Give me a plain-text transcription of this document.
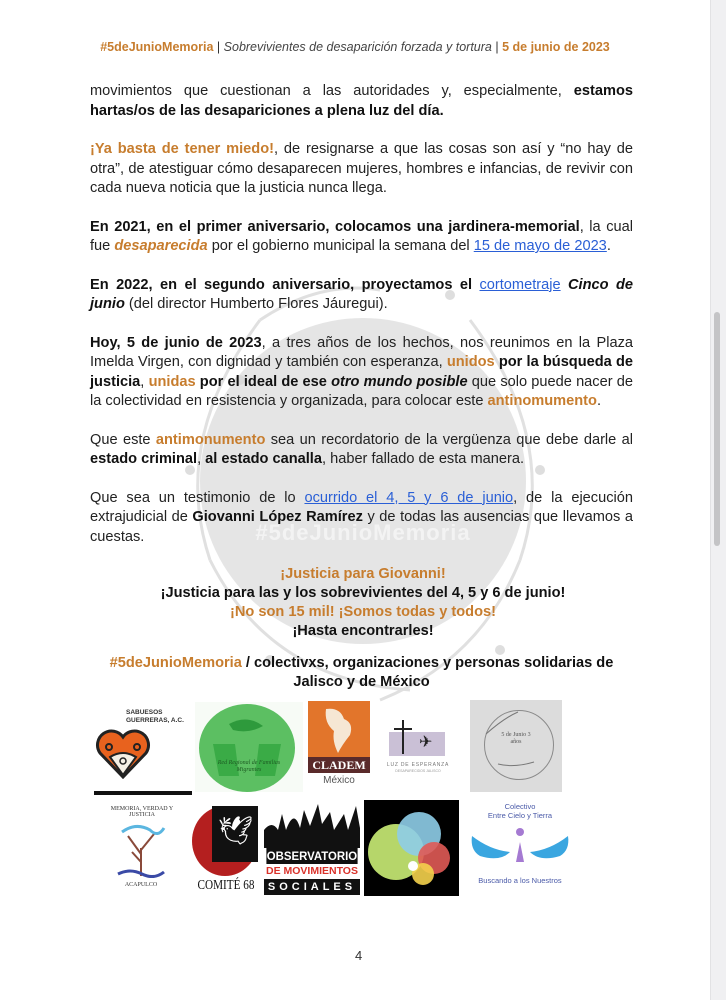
#5deJunioMemoria
#5deJunioMemoria | Sobrevivientes de desaparición forzada y tortura | 5 de junio de 2023

movimientos que cuestionan a las autoridades y, especialmente, estamos hartas/os de las desapariciones a plena luz del día.

¡Ya basta de tener miedo!, de resignarse a que las cosas son así y “no hay de otra”, de atestiguar cómo desaparecen mujeres, hombres e infancias, de revivir con cada nueva noticia que la justicia nunca llega.

En 2021, en el primer aniversario, colocamos una jardinera-memorial, la cual fue desaparecida por el gobierno municipal la semana del 15 de mayo de 2023.

En 2022, en el segundo aniversario, proyectamos el cortometraje Cinco de junio (del director Humberto Flores Jáuregui).

Hoy, 5 de junio de 2023, a tres años de los hechos, nos reunimos en la Plaza Imelda Virgen, con dignidad y también con esperanza, unidos por la búsqueda de justicia, unidas por el ideal de ese otro mundo posible que solo puede nacer de la colectividad en resistencia y organizada, para colocar este antinomumento.

Que este antimonumento sea un recordatorio de la vergüenza que debe darle al estado criminal, al estado canalla, haber fallado de esta manera.

Que sea un testimonio de lo ocurrido el 4, 5 y 6 de junio, de la ejecución extrajudicial de Giovanni López Ramírez y de todas las ausencias que llevamos a cuestas.

¡Justicia para Giovanni!
¡Justicia para las y los sobrevivientes del 4, 5 y 6 de junio!
¡No son 15 mil! ¡Somos todas y todos!
¡Hasta encontrarles!
#5deJunioMemoria / colectivxs, organizaciones y personas solidarias de Jalisco y de México
SABUESOS GUERRERAS, A.C.
Red Regional de Familias Migrantes	CLADEM
México
✈
LUZ DE ESPERANZA
DESAPARECIDOS JALISCO
5 de Junio 3 años
MEMORIA, VERDAD Y JUSTICIA
ACAPULCO
🕊
COMITÉ 68
OBSERVATORIO
DE MOVIMIENTOS
SOCIALES
Colectivo
Entre Cielo y Tierra
Buscando a los Nuestros
4
